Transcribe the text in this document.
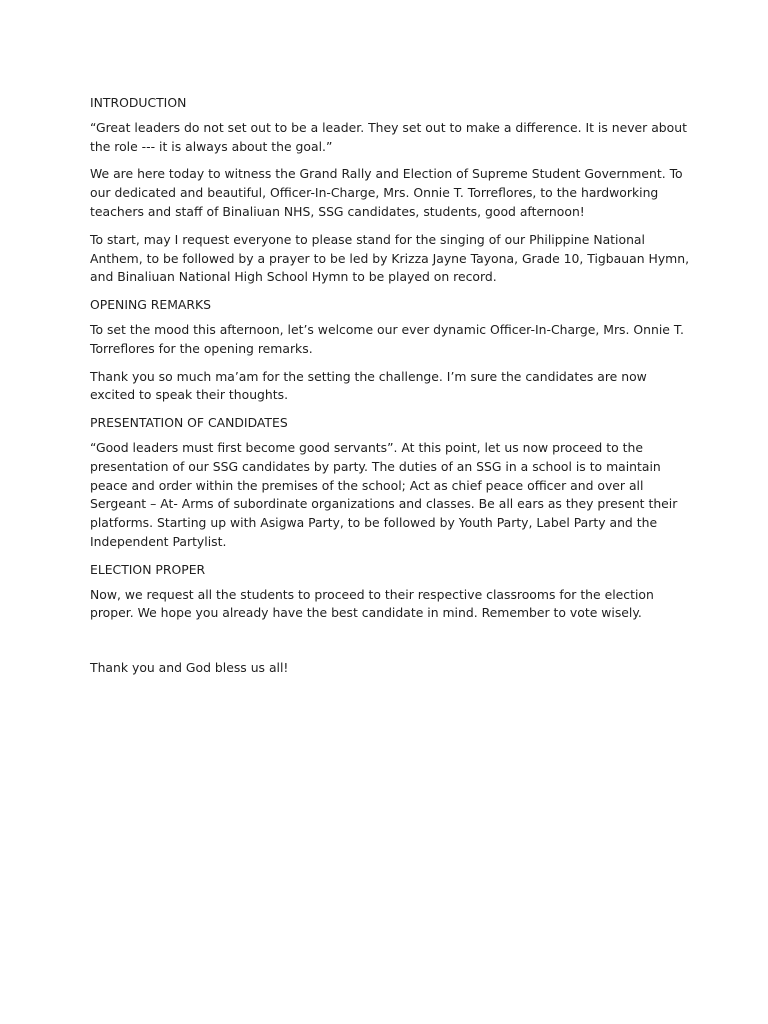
INTRODUCTION

“Great leaders do not set out to be a leader. They set out to make a difference. It is never about the role --- it is always about the goal.”

We are here today to witness the Grand Rally and Election of Supreme Student Government. To our dedicated and beautiful, Officer-In-Charge, Mrs. Onnie T. Torreflores, to the hardworking teachers and staff of Binaliuan NHS, SSG candidates, students, good afternoon!

To start, may I request everyone to please stand for the singing of our Philippine National Anthem, to be followed by a prayer to be led by Krizza Jayne Tayona, Grade 10, Tigbauan Hymn, and Binaliuan National High School Hymn to be played on record.

OPENING REMARKS

To set the mood this afternoon, let’s welcome our ever dynamic Officer-In-Charge, Mrs. Onnie T. Torreflores for the opening remarks.

Thank you so much ma’am for the setting the challenge. I’m sure the candidates are now excited to speak their thoughts.

PRESENTATION OF CANDIDATES

“Good leaders must first become good servants”. At this point, let us now proceed to the presentation of our SSG candidates by party. The duties of an SSG in a school is to maintain peace and order within the premises of the school; Act as chief peace officer and over all Sergeant – At- Arms of subordinate organizations and classes. Be all ears as they present their platforms. Starting up with Asigwa Party, to be followed by Youth Party, Label Party and the Independent Partylist.

ELECTION PROPER

Now, we request all the students to proceed to their respective classrooms for the election proper. We hope you already have the best candidate in mind. Remember to vote wisely.

Thank you and God bless us all!
